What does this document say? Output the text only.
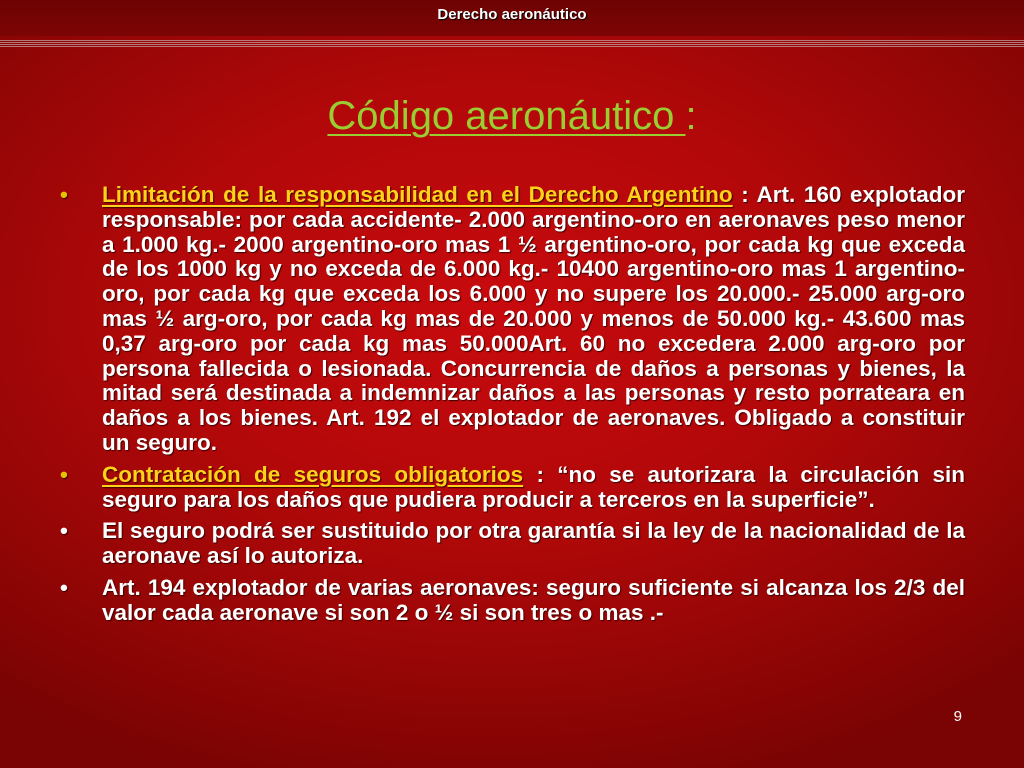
Derecho aeronáutico
Código aeronáutico :
• Limitación de la responsabilidad en el Derecho Argentino : Art. 160 explotador responsable: por cada accidente- 2.000 argentino-oro en aeronaves peso menor a 1.000 kg.- 2000 argentino-oro mas 1 ½ argentino-oro, por cada kg que exceda de los 1000 kg y no exceda de 6.000 kg.- 10400 argentino-oro mas 1 argentino-oro, por cada kg que exceda los 6.000 y no supere los 20.000.- 25.000 arg-oro mas ½ arg-oro, por cada kg mas de 20.000 y menos de 50.000 kg.- 43.600 mas 0,37 arg-oro por cada kg mas 50.000Art. 60 no excedera 2.000 arg-oro por persona fallecida o lesionada. Concurrencia de daños a personas y bienes, la mitad será destinada a indemnizar daños a las personas y resto porrateara en daños a los bienes. Art. 192 el explotador de aeronaves. Obligado a constituir un seguro.
• Contratación de seguros obligatorios : “no se autorizara la circulación sin seguro para los daños que pudiera producir a terceros en la superficie”.
• El seguro podrá ser sustituido por otra garantía si la ley de la nacionalidad de la aeronave así lo autoriza.
• Art. 194 explotador de varias aeronaves: seguro suficiente si alcanza los 2/3 del valor cada aeronave si son 2 o ½ si son tres o mas .-
9
